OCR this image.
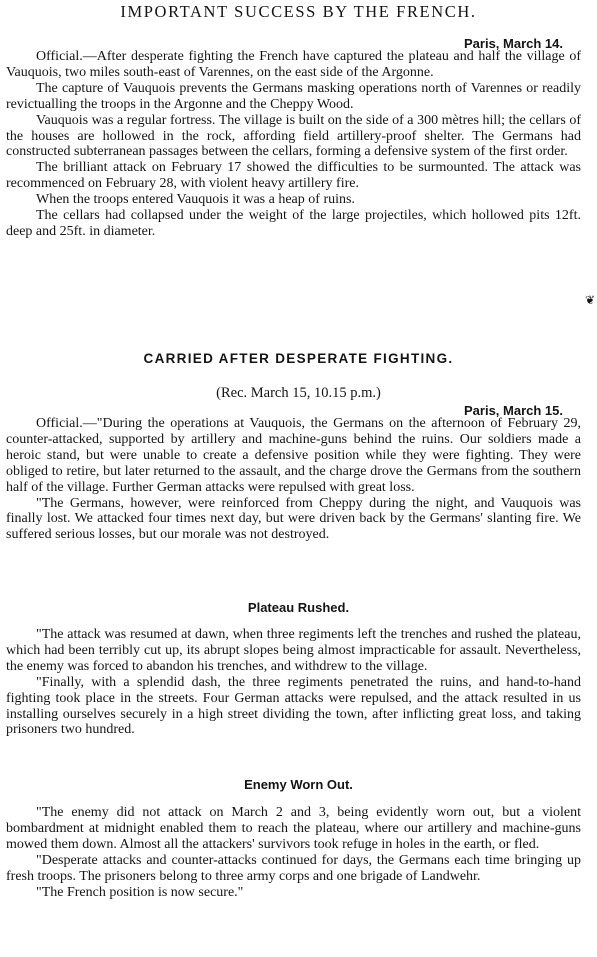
IMPORTANT SUCCESS BY THE FRENCH.
Paris, March 14.

Official.—After desperate fighting the French have captured the plateau and half the village of Vauquois, two miles south-east of Varennes, on the east side of the Argonne.

The capture of Vauquois prevents the Germans masking operations north of Varennes or readily revictualling the troops in the Argonne and the Cheppy Wood.

Vauquois was a regular fortress. The village is built on the side of a 300 mètres hill; the cellars of the houses are hollowed in the rock, affording field artillery-proof shelter. The Germans had constructed subterranean passages between the cellars, forming a defensive system of the first order.

The brilliant attack on February 17 showed the difficulties to be surmounted. The attack was recommenced on February 28, with violent heavy artillery fire.

When the troops entered Vauquois it was a heap of ruins.

The cellars had collapsed under the weight of the large projectiles, which hollowed pits 12ft. deep and 25ft. in diameter.

CARRIED AFTER DESPERATE FIGHTING.
(Rec. March 15, 10.15 p.m.)
Paris, March 15.

Official.—"During the operations at Vauquois, the Germans on the afternoon of February 29, counter-attacked, supported by artillery and machine-guns behind the ruins. Our soldiers made a heroic stand, but were unable to create a defensive position while they were fighting. They were obliged to retire, but later returned to the assault, and the charge drove the Germans from the southern half of the village. Further German attacks were repulsed with great loss.

"The Germans, however, were reinforced from Cheppy during the night, and Vauquois was finally lost. We attacked four times next day, but were driven back by the Germans' slanting fire. We suffered serious losses, but our morale was not destroyed.

Plateau Rushed.

"The attack was resumed at dawn, when three regiments left the trenches and rushed the plateau, which had been terribly cut up, its abrupt slopes being almost impracticable for assault. Nevertheless, the enemy was forced to abandon his trenches, and withdrew to the village.

"Finally, with a splendid dash, the three regiments penetrated the ruins, and hand-to-hand fighting took place in the streets. Four German attacks were repulsed, and the attack resulted in us installing ourselves securely in a high street dividing the town, after inflicting great loss, and taking prisoners two hundred.

Enemy Worn Out.

"The enemy did not attack on March 2 and 3, being evidently worn out, but a violent bombardment at midnight enabled them to reach the plateau, where our artillery and machine-guns mowed them down. Almost all the attackers' survivors took refuge in holes in the earth, or fled.

"Desperate attacks and counter-attacks continued for days, the Germans each time bringing up fresh troops. The prisoners belong to three army corps and one brigade of Landwehr.

"The French position is now secure."

❦
